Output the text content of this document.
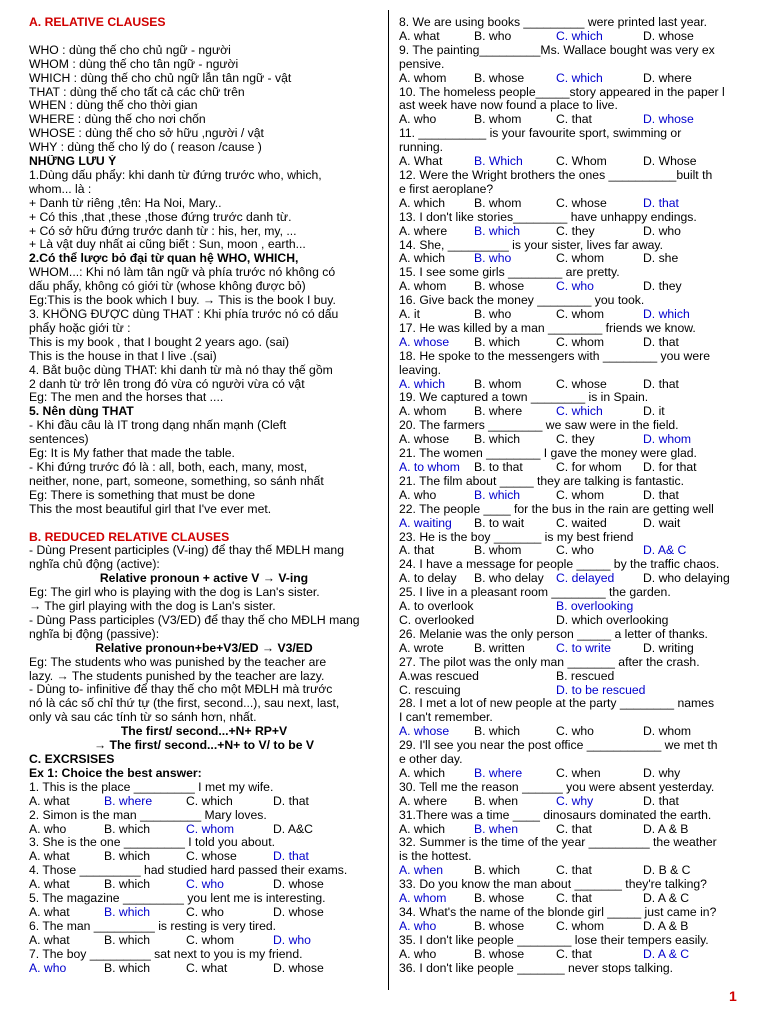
A. RELATIVE CLAUSES
WHO : dùng thế cho chủ ngữ - người
WHOM : dùng thế cho tân ngữ - người
WHICH : dùng thế cho chủ ngữ lẫn tân ngữ - vật
THAT : dùng thế cho tất cả các chữ trên
WHEN : dùng thế cho thời gian
WHERE : dùng thế cho nơi chốn
WHOSE : dùng thế cho sở hữu ,người / vật
WHY : dùng thế cho lý do ( reason /cause )
NHỮNG LƯU Ý
1.Dùng dấu phẩy: khi danh từ đứng trước who, which,
whom... là :
+ Danh từ riêng ,tên: Ha Noi, Mary..
+ Có this ,that ,these ,those đứng trước danh từ.
+ Có sở hữu đứng trước danh từ : his, her, my, ...
+ Là vật duy nhất ai cũng biết : Sun, moon , earth...
2.Có thể lược bỏ đại từ quan hệ WHO, WHICH,
WHOM...: Khi nó làm tân ngữ và phía trước nó không có
dấu phẩy, không có giới từ (whose không được bỏ)
Eg:This is the book which I buy. → This is the book I buy.
3. KHÔNG ĐƯỢC dùng THAT : Khi phía trước nó có dấu
phẩy hoặc giới từ :
This is my book , that I bought 2 years ago. (sai)
This is the house in that I live .(sai)
4. Bắt buộc dùng THAT: khi danh từ mà nó thay thế gồm
2 danh từ trở lên trong đó vừa có người vừa có vật
Eg: The men and the horses that ....
5. Nên dùng THAT
- Khi đầu câu là IT trong dạng nhấn mạnh (Cleft
sentences)
Eg: It is My father that made the table.
- Khi đứng trước đó là : all, both, each, many, most,
neither, none, part, someone, something, so sánh nhất
Eg: There is something that must be done
This the most beautiful girl that I've ever met.
B. REDUCED RELATIVE CLAUSES
- Dùng Present participles (V-ing) để thay thế MĐLH mang
nghĩa chủ động (active):
Relative pronoun + active V → V-ing
Eg: The girl who is playing with the dog is Lan's sister.
→ The girl playing with the dog is Lan's sister.
- Dùng Pass participles (V3/ED) để thay thế cho MĐLH mang
nghĩa bị động (passive):
Relative pronoun+be+V3/ED → V3/ED
Eg: The students who was punished by the teacher are
lazy. → The students punished by the teacher are lazy.
- Dùng to- infinitive để thay thế cho một MĐLH mà trước
nó là các số chỉ thứ tự (the first, second...), sau next, last,
only và sau các tính từ so sánh hơn, nhất.
The first/ second...+N+ RP+V
→ The first/ second...+N+ to V/ to be V
C. EXCRSISES
Ex 1: Choice the best answer:
1. This is the place _________ I met my wife.
A. what	B. where	C. which	D. that
2. Simon is the man _________ Mary loves.
A. who	B. which	C. whom	D. A&C
3. She is the one _________ I told you about.
A. what	B. which	C. whose	D. that
4. Those _________ had studied hard passed their exams.
A. what	B. which	C. who	D. whose
5. The magazine _________ you lent me is interesting.
A. what	B. which	C. who	D. whose
6. The man _________ is resting is very tired.
A. what	B. which	C. whom	D. who
7. The boy _________ sat next to you is my friend.
A. who	B. which	C. what	D. whose
8. We are using books _________ were printed last year.
A. what	B. who	C. which	D. whose
9. The painting_________Ms. Wallace bought was very ex
pensive.
A. whom	B. whose	C. which	D. where
10. The homeless people_____story appeared in the paper l
ast week have now found a place to live.
A. who	B. whom	C. that	D. whose
11. __________ is your favourite sport, swimming or
running.
A. What	B. Which	C. Whom	D. Whose
12. Were the Wright brothers the ones __________built th
e first aeroplane?
A. which	B. whom	C. whose	D. that
13. I don't like stories________ have unhappy endings.
A. where	B. which	C. they	D. who
14. She, _________ is your sister, lives far away.
A. which	B. who	C. whom	D. she
15. I see some girls ________ are pretty.
A. whom	B. whose	C. who	D. they
16. Give back the money ________ you took.
A. it	B. who	C. whom	D. which
17. He was killed by a man ________ friends we know.
A. whose	B. which	C. whom	D. that
18. He spoke to the messengers with ________ you were
leaving.
A. which	B. whom	C. whose	D. that
19. We captured a town ________ is in Spain.
A. whom	B. where	C. which	D. it
20. The farmers ________ we saw were in the field.
A. whose	B. which	C. they	D. whom
21. The women ________ I gave the money were glad.
A. to whom	B. to that	C. for whom	D. for that
21. The film about _____ they are talking is fantastic.
A. who	B. which	C. whom	D. that
22. The people ____ for the bus in the rain are getting well
A. waiting	B. to wait	C. waited	D. wait
23. He is the boy _______ is my best friend
A. that	B. whom	C. who	D. A& C
24. I have a message for people _____ by the traffic chaos.
A. to delay	B. who delay	C. delayed	D. who delaying
25. I live in a pleasant room ________ the garden.
A. to overlook	B. overlooking
C. overlooked	D. which overlooking
26. Melanie was the only person _____ a letter of thanks.
A. wrote	B. written	C. to write	D. writing
27. The pilot was the only man _______ after the crash.
A.was rescued	B. rescued
C. rescuing	D. to be rescued
28. I met a lot of new people at the party ________ names
I can't remember.
A. whose	B. which	C. who	D. whom
29. I'll see you near the post office ___________ we met th
e other day.
A. which	B. where	C. when	D. why
30. Tell me the reason ______ you were absent yesterday.
A. where	B. when	C. why	D. that
31.There was a time ____ dinosaurs dominated the earth.
A. which	B. when	C. that	D. A & B
32. Summer is the time of the year _________ the weather
is the hottest.
A. when	B. which	C. that	D. B & C
33. Do you know the man about _______ they're talking?
A. whom	B. whose	C. that	D. A & C
34. What's the name of the blonde girl _____ just came in?
A. who	B. whose	C. whom	D. A & B
35. I don't like people ________ lose their tempers easily.
A. who	B. whose	C. that	D. A & C
36. I don't like people _______ never stops talking.
1
